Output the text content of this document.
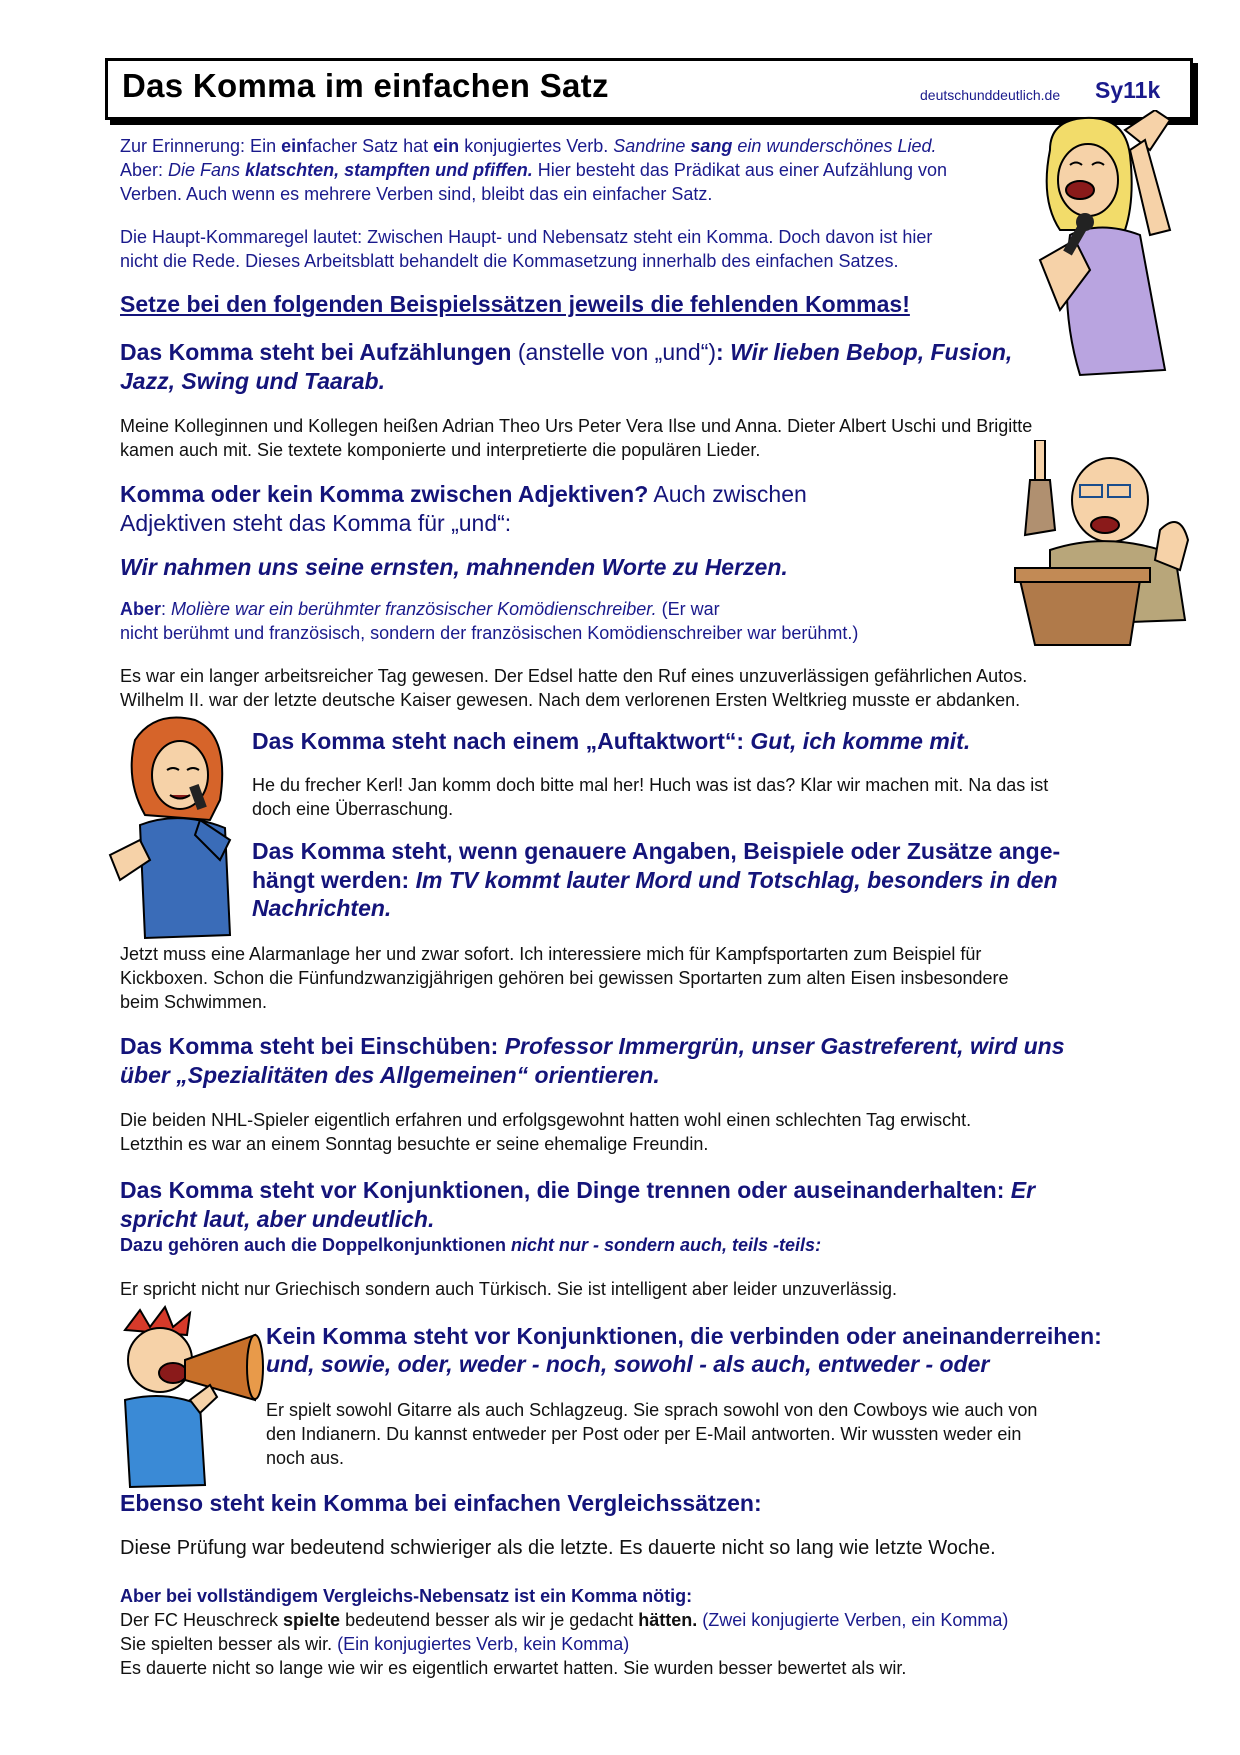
Das Komma im einfachen Satz	deutschunddeutlich.de Sy11k
Zur Erinnerung: Ein einfacher Satz hat ein konjugiertes Verb. Sandrine sang ein wunderschönes Lied.
Aber: Die Fans klatschten, stampften und pfiffen. Hier besteht das Prädikat aus einer Aufzählung von
Verben. Auch wenn es mehrere Verben sind, bleibt das ein einfacher Satz.
Die Haupt-Kommaregel lautet: Zwischen Haupt- und Nebensatz steht ein Komma. Doch davon ist hier
nicht die Rede. Dieses Arbeitsblatt behandelt die Kommasetzung innerhalb des einfachen Satzes.
Setze bei den folgenden Beispielssätzen jeweils die fehlenden Kommas!
Das Komma steht bei Aufzählungen (anstelle von „und“): Wir lieben Bebop, Fusion,
Jazz, Swing und Taarab.
Meine Kolleginnen und Kollegen heißen Adrian Theo Urs Peter Vera Ilse und Anna. Dieter Albert Uschi und Brigitte
kamen auch mit. Sie textete komponierte und interpretierte die populären Lieder.
Komma oder kein Komma zwischen Adjektiven? Auch zwischen
Adjektiven steht das Komma für „und“:
Wir nahmen uns seine ernsten, mahnenden Worte zu Herzen.
Aber: Molière war ein berühmter französischer Komödienschreiber. (Er war
nicht berühmt und französisch, sondern der französischen Komödienschreiber war berühmt.)
Es war ein langer arbeitsreicher Tag gewesen. Der Edsel hatte den Ruf eines unzuverlässigen gefährlichen Autos.
Wilhelm II. war der letzte deutsche Kaiser gewesen. Nach dem verlorenen Ersten Weltkrieg musste er abdanken.
Das Komma steht nach einem „Auftaktwort“: Gut, ich komme mit.
He du frecher Kerl! Jan komm doch bitte mal her! Huch was ist das? Klar wir machen mit. Na das ist
doch eine Überraschung.
Das Komma steht, wenn genauere Angaben, Beispiele oder Zusätze ange-
hängt werden: Im TV kommt lauter Mord und Totschlag, besonders in den
Nachrichten.
Jetzt muss eine Alarmanlage her und zwar sofort. Ich interessiere mich für Kampfsportarten zum Beispiel für
Kickboxen. Schon die Fünfundzwanzigjährigen gehören bei gewissen Sportarten zum alten Eisen insbesondere
beim Schwimmen.
Das Komma steht bei Einschüben: Professor Immergrün, unser Gastreferent, wird uns
über „Spezialitäten des Allgemeinen“ orientieren.
Die beiden NHL-Spieler eigentlich erfahren und erfolgsgewohnt hatten wohl einen schlechten Tag erwischt.
Letzthin es war an einem Sonntag besuchte er seine ehemalige Freundin.
Das Komma steht vor Konjunktionen, die Dinge trennen oder auseinanderhalten: Er
spricht laut, aber undeutlich.
Dazu gehören auch die Doppelkonjunktionen nicht nur - sondern auch, teils -teils:
Er spricht nicht nur Griechisch sondern auch Türkisch. Sie ist intelligent aber leider unzuverlässig.
Kein Komma steht vor Konjunktionen, die verbinden oder aneinanderreihen:
und, sowie, oder, weder - noch, sowohl - als auch, entweder - oder
Er spielt sowohl Gitarre als auch Schlagzeug. Sie sprach sowohl von den Cowboys wie auch von
den Indianern. Du kannst entweder per Post oder per E-Mail antworten. Wir wussten weder ein
noch aus.
Ebenso steht kein Komma bei einfachen Vergleichssätzen:
Diese Prüfung war bedeutend schwieriger als die letzte. Es dauerte nicht so lang wie letzte Woche.
Aber bei vollständigem Vergleichs-Nebensatz ist ein Komma nötig:
Der FC Heuschreck spielte bedeutend besser als wir je gedacht hätten. (Zwei konjugierte Verben, ein Komma)
Sie spielten besser als wir. (Ein konjugiertes Verb, kein Komma)
Es dauerte nicht so lange wie wir es eigentlich erwartet hatten. Sie wurden besser bewertet als wir.
